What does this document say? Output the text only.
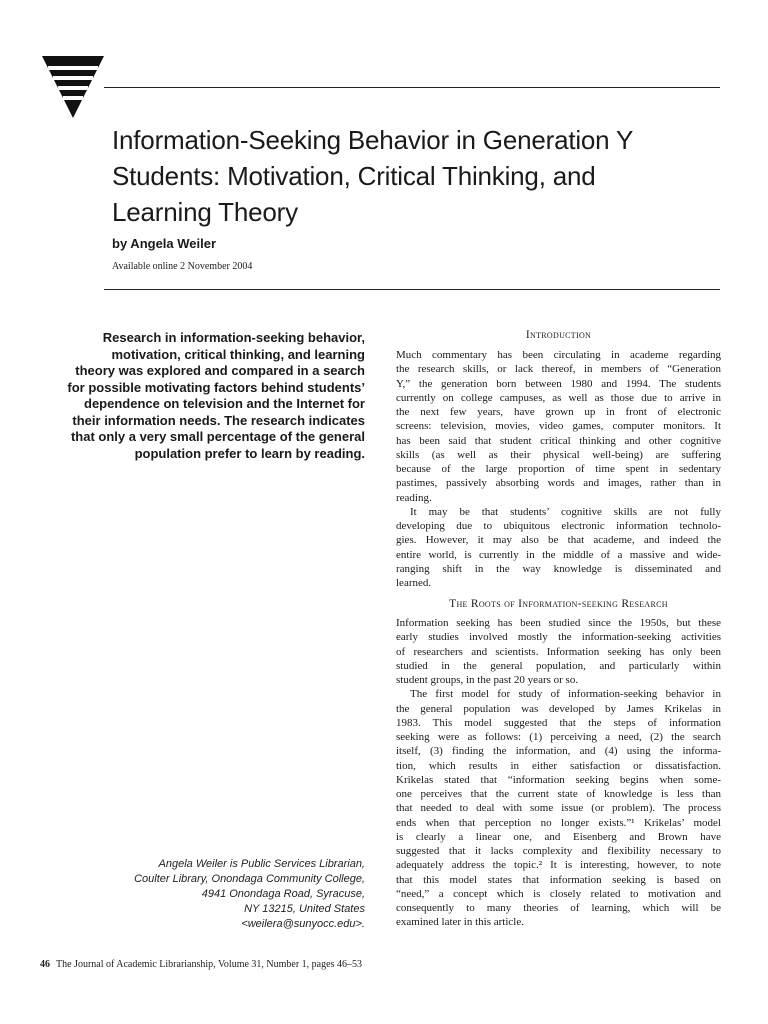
Information-Seeking Behavior in Generation Y
Students: Motivation, Critical Thinking, and
Learning Theory
by Angela Weiler
Available online 2 November 2004
Research in information-seeking behavior,
motivation, critical thinking, and learning
theory was explored and compared in a search
for possible motivating factors behind students’
dependence on television and the Internet for
their information needs. The research indicates
that only a very small percentage of the general
population prefer to learn by reading.
Angela Weiler is Public Services Librarian,
Coulter Library, Onondaga Community College,
4941 Onondaga Road, Syracuse,
NY 13215, United States
<weilera@sunyocc.edu>.
Introduction
Much commentary has been circulating in academe regarding
the research skills, or lack thereof, in members of “Generation
Y,” the generation born between 1980 and 1994. The students
currently on college campuses, as well as those due to arrive in
the next few years, have grown up in front of electronic
screens: television, movies, video games, computer monitors. It
has been said that student critical thinking and other cognitive
skills (as well as their physical well-being) are suffering
because of the large proportion of time spent in sedentary
pastimes, passively absorbing words and images, rather than in
reading.
It may be that students’ cognitive skills are not fully
developing due to ubiquitous electronic information technolo-
gies. However, it may also be that academe, and indeed the
entire world, is currently in the middle of a massive and wide-
ranging shift in the way knowledge is disseminated and
learned.
The Roots of Information-seeking Research
Information seeking has been studied since the 1950s, but these
early studies involved mostly the information-seeking activities
of researchers and scientists. Information seeking has only been
studied in the general population, and particularly within
student groups, in the past 20 years or so.
The first model for study of information-seeking behavior in
the general population was developed by James Krikelas in
1983. This model suggested that the steps of information
seeking were as follows: (1) perceiving a need, (2) the search
itself, (3) finding the information, and (4) using the informa-
tion, which results in either satisfaction or dissatisfaction.
Krikelas stated that “information seeking begins when some-
one perceives that the current state of knowledge is less than
that needed to deal with some issue (or problem). The process
ends when that perception no longer exists.”¹ Krikelas’ model
is clearly a linear one, and Eisenberg and Brown have
suggested that it lacks complexity and flexibility necessary to
adequately address the topic.² It is interesting, however, to note
that this model states that information seeking is based on
“need,” a concept which is closely related to motivation and
consequently to many theories of learning, which will be
examined later in this article.
46 The Journal of Academic Librarianship, Volume 31, Number 1, pages 46–53
